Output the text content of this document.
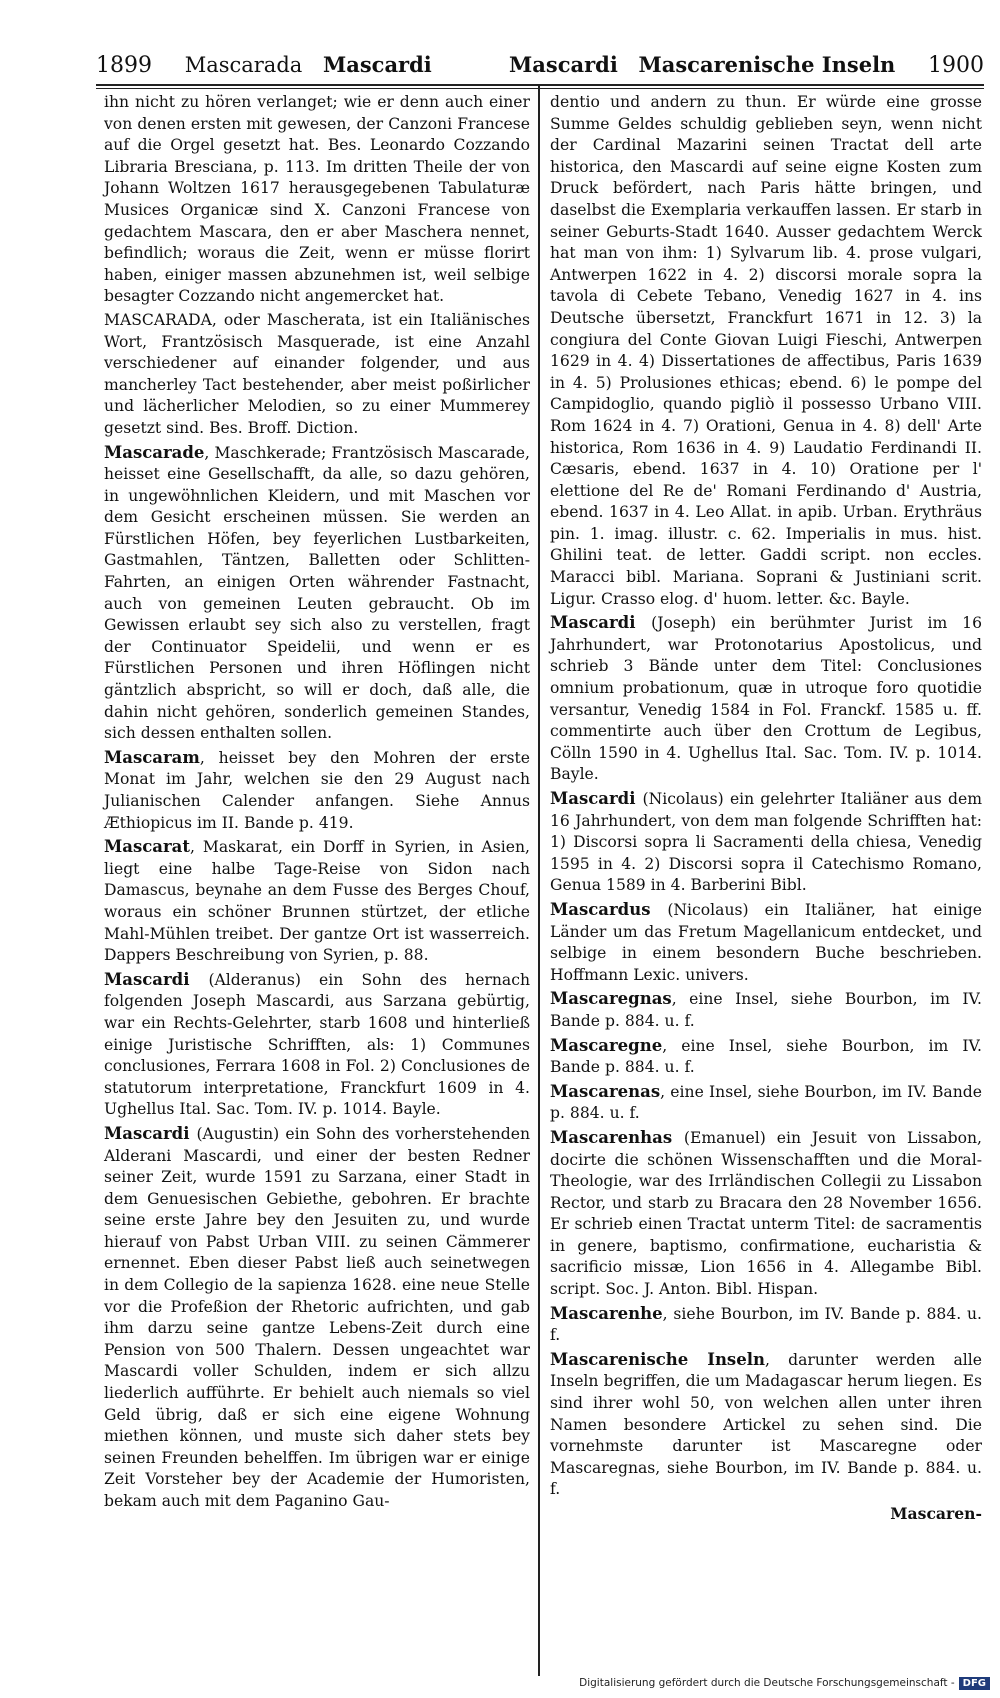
1899 Mascarada Mascardi	Mascardi Mascarenische Inseln 1900

ihn nicht zu hören verlanget; wie er denn auch einer von denen ersten mit gewesen, der Canzoni Francese auf die Orgel gesetzt hat. Bes. Leonardo Cozzando Libraria Bresciana, p. 113. Im dritten Theile der von Johann Woltzen 1617 herausgegebenen Tabulaturæ Musices Organicæ sind X. Canzoni Francese von gedachtem Mascara, den er aber Maschera nennet, befindlich; woraus die Zeit, wenn er müsse florirt haben, einiger massen abzunehmen ist, weil selbige besagter Cozzando nicht angemercket hat.

MASCARADA, oder Mascherata, ist ein Italiänisches Wort, Frantzösisch Masquerade, ist eine Anzahl verschiedener auf einander folgender, und aus mancherley Tact bestehender, aber meist poßirlicher und lächerlicher Melodien, so zu einer Mummerey gesetzt sind. Bes. Broff. Diction.

Mascarade, Maschkerade; Frantzösisch Mascarade, heisset eine Gesellschafft, da alle, so dazu gehören, in ungewöhnlichen Kleidern, und mit Maschen vor dem Gesicht erscheinen müssen. Sie werden an Fürstlichen Höfen, bey feyerlichen Lustbarkeiten, Gastmahlen, Täntzen, Balletten oder Schlitten-Fahrten, an einigen Orten währender Fastnacht, auch von gemeinen Leuten gebraucht. Ob im Gewissen erlaubt sey sich also zu verstellen, fragt der Continuator Speidelii, und wenn er es Fürstlichen Personen und ihren Höflingen nicht gäntzlich abspricht, so will er doch, daß alle, die dahin nicht gehören, sonderlich gemeinen Standes, sich dessen enthalten sollen.

Mascaram, heisset bey den Mohren der erste Monat im Jahr, welchen sie den 29 August nach Julianischen Calender anfangen. Siehe Annus Æthiopicus im II. Bande p. 419.

Mascarat, Maskarat, ein Dorff in Syrien, in Asien, liegt eine halbe Tage-Reise von Sidon nach Damascus, beynahe an dem Fusse des Berges Chouf, woraus ein schöner Brunnen stürtzet, der etliche Mahl-Mühlen treibet. Der gantze Ort ist wasserreich. Dappers Beschreibung von Syrien, p. 88.

Mascardi (Alderanus) ein Sohn des hernach folgenden Joseph Mascardi, aus Sarzana gebürtig, war ein Rechts-Gelehrter, starb 1608 und hinterließ einige Juristische Schrifften, als: 1) Communes conclusiones, Ferrara 1608 in Fol. 2) Conclusiones de statutorum interpretatione, Franckfurt 1609 in 4. Ughellus Ital. Sac. Tom. IV. p. 1014. Bayle.

Mascardi (Augustin) ein Sohn des vorherstehenden Alderani Mascardi, und einer der besten Redner seiner Zeit, wurde 1591 zu Sarzana, einer Stadt in dem Genuesischen Gebiethe, gebohren. Er brachte seine erste Jahre bey den Jesuiten zu, und wurde hierauf von Pabst Urban VIII. zu seinen Cämmerer ernennet. Eben dieser Pabst ließ auch seinetwegen in dem Collegio de la sapienza 1628. eine neue Stelle vor die Profeßion der Rhetoric aufrichten, und gab ihm darzu seine gantze Lebens-Zeit durch eine Pension von 500 Thalern. Dessen ungeachtet war Mascardi voller Schulden, indem er sich allzu liederlich aufführte. Er behielt auch niemals so viel Geld übrig, daß er sich eine eigene Wohnung miethen können, und muste sich daher stets bey seinen Freunden behelffen. Im übrigen war er einige Zeit Vorsteher bey der Academie der Humoristen, bekam auch mit dem Paganino Gau-

dentio und andern zu thun. Er würde eine grosse Summe Geldes schuldig geblieben seyn, wenn nicht der Cardinal Mazarini seinen Tractat dell arte historica, den Mascardi auf seine eigne Kosten zum Druck befördert, nach Paris hätte bringen, und daselbst die Exemplaria verkauffen lassen. Er starb in seiner Geburts-Stadt 1640. Ausser gedachtem Werck hat man von ihm: 1) Sylvarum lib. 4. prose vulgari, Antwerpen 1622 in 4. 2) discorsi morale sopra la tavola di Cebete Tebano, Venedig 1627 in 4. ins Deutsche übersetzt, Franckfurt 1671 in 12. 3) la congiura del Conte Giovan Luigi Fieschi, Antwerpen 1629 in 4. 4) Dissertationes de affectibus, Paris 1639 in 4. 5) Prolusiones ethicas; ebend. 6) le pompe del Campidoglio, quando pigliò il possesso Urbano VIII. Rom 1624 in 4. 7) Orationi, Genua in 4. 8) dell' Arte historica, Rom 1636 in 4. 9) Laudatio Ferdinandi II. Cæsaris, ebend. 1637 in 4. 10) Oratione per l' elettione del Re de' Romani Ferdinando d' Austria, ebend. 1637 in 4. Leo Allat. in apib. Urban. Erythräus pin. 1. imag. illustr. c. 62. Imperialis in mus. hist. Ghilini teat. de letter. Gaddi script. non eccles. Maracci bibl. Mariana. Soprani & Justiniani scrit. Ligur. Crasso elog. d' huom. letter. &c. Bayle.

Mascardi (Joseph) ein berühmter Jurist im 16 Jahrhundert, war Protonotarius Apostolicus, und schrieb 3 Bände unter dem Titel: Conclusiones omnium probationum, quæ in utroque foro quotidie versantur, Venedig 1584 in Fol. Franckf. 1585 u. ff. commentirte auch über den Crottum de Legibus, Cölln 1590 in 4. Ughellus Ital. Sac. Tom. IV. p. 1014. Bayle.

Mascardi (Nicolaus) ein gelehrter Italiäner aus dem 16 Jahrhundert, von dem man folgende Schrifften hat: 1) Discorsi sopra li Sacramenti della chiesa, Venedig 1595 in 4. 2) Discorsi sopra il Catechismo Romano, Genua 1589 in 4. Barberini Bibl.

Mascardus (Nicolaus) ein Italiäner, hat einige Länder um das Fretum Magellanicum entdecket, und selbige in einem besondern Buche beschrieben. Hoffmann Lexic. univers.

Mascaregnas, eine Insel, siehe Bourbon, im IV. Bande p. 884. u. f.

Mascaregne, eine Insel, siehe Bourbon, im IV. Bande p. 884. u. f.

Mascarenas, eine Insel, siehe Bourbon, im IV. Bande p. 884. u. f.

Mascarenhas (Emanuel) ein Jesuit von Lissabon, docirte die schönen Wissenschafften und die Moral-Theologie, war des Irrländischen Collegii zu Lissabon Rector, und starb zu Bracara den 28 November 1656. Er schrieb einen Tractat unterm Titel: de sacramentis in genere, baptismo, confirmatione, eucharistia & sacrificio missæ, Lion 1656 in 4. Allegambe Bibl. script. Soc. J. Anton. Bibl. Hispan.

Mascarenhe, siehe Bourbon, im IV. Bande p. 884. u. f.

Mascarenische Inseln, darunter werden alle Inseln begriffen, die um Madagascar herum liegen. Es sind ihrer wohl 50, von welchen allen unter ihren Namen besondere Artickel zu sehen sind. Die vornehmste darunter ist Mascaregne oder Mascaregnas, siehe Bourbon, im IV. Bande p. 884. u. f.

Mascaren-

Digitalisierung gefördert durch die Deutsche Forschungsgemeinschaft - DFG
